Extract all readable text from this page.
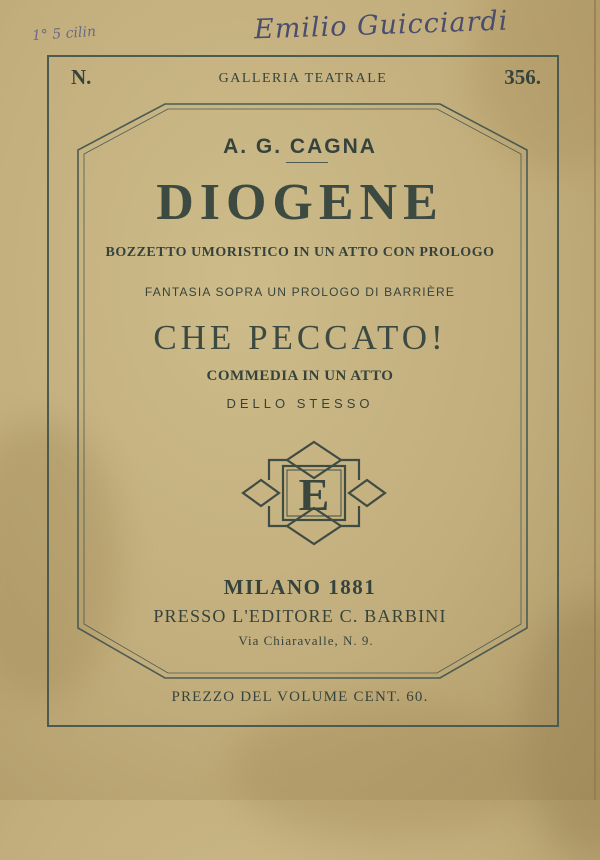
1° 5 cilin	Emilio Guicciardi
N.	GALLERIA TEATRALE	356.
A. G. CAGNA
DIOGENE
BOZZETTO UMORISTICO IN UN ATTO CON PROLOGO
FANTASIA SOPRA UN PROLOGO DI BARRIÈRE
CHE PECCATO!
COMMEDIA IN UN ATTO
DELLO STESSO
E
MILANO 1881
PRESSO L'EDITORE C. BARBINI
Via Chiaravalle, N. 9.
PREZZO DEL VOLUME CENT. 60.
